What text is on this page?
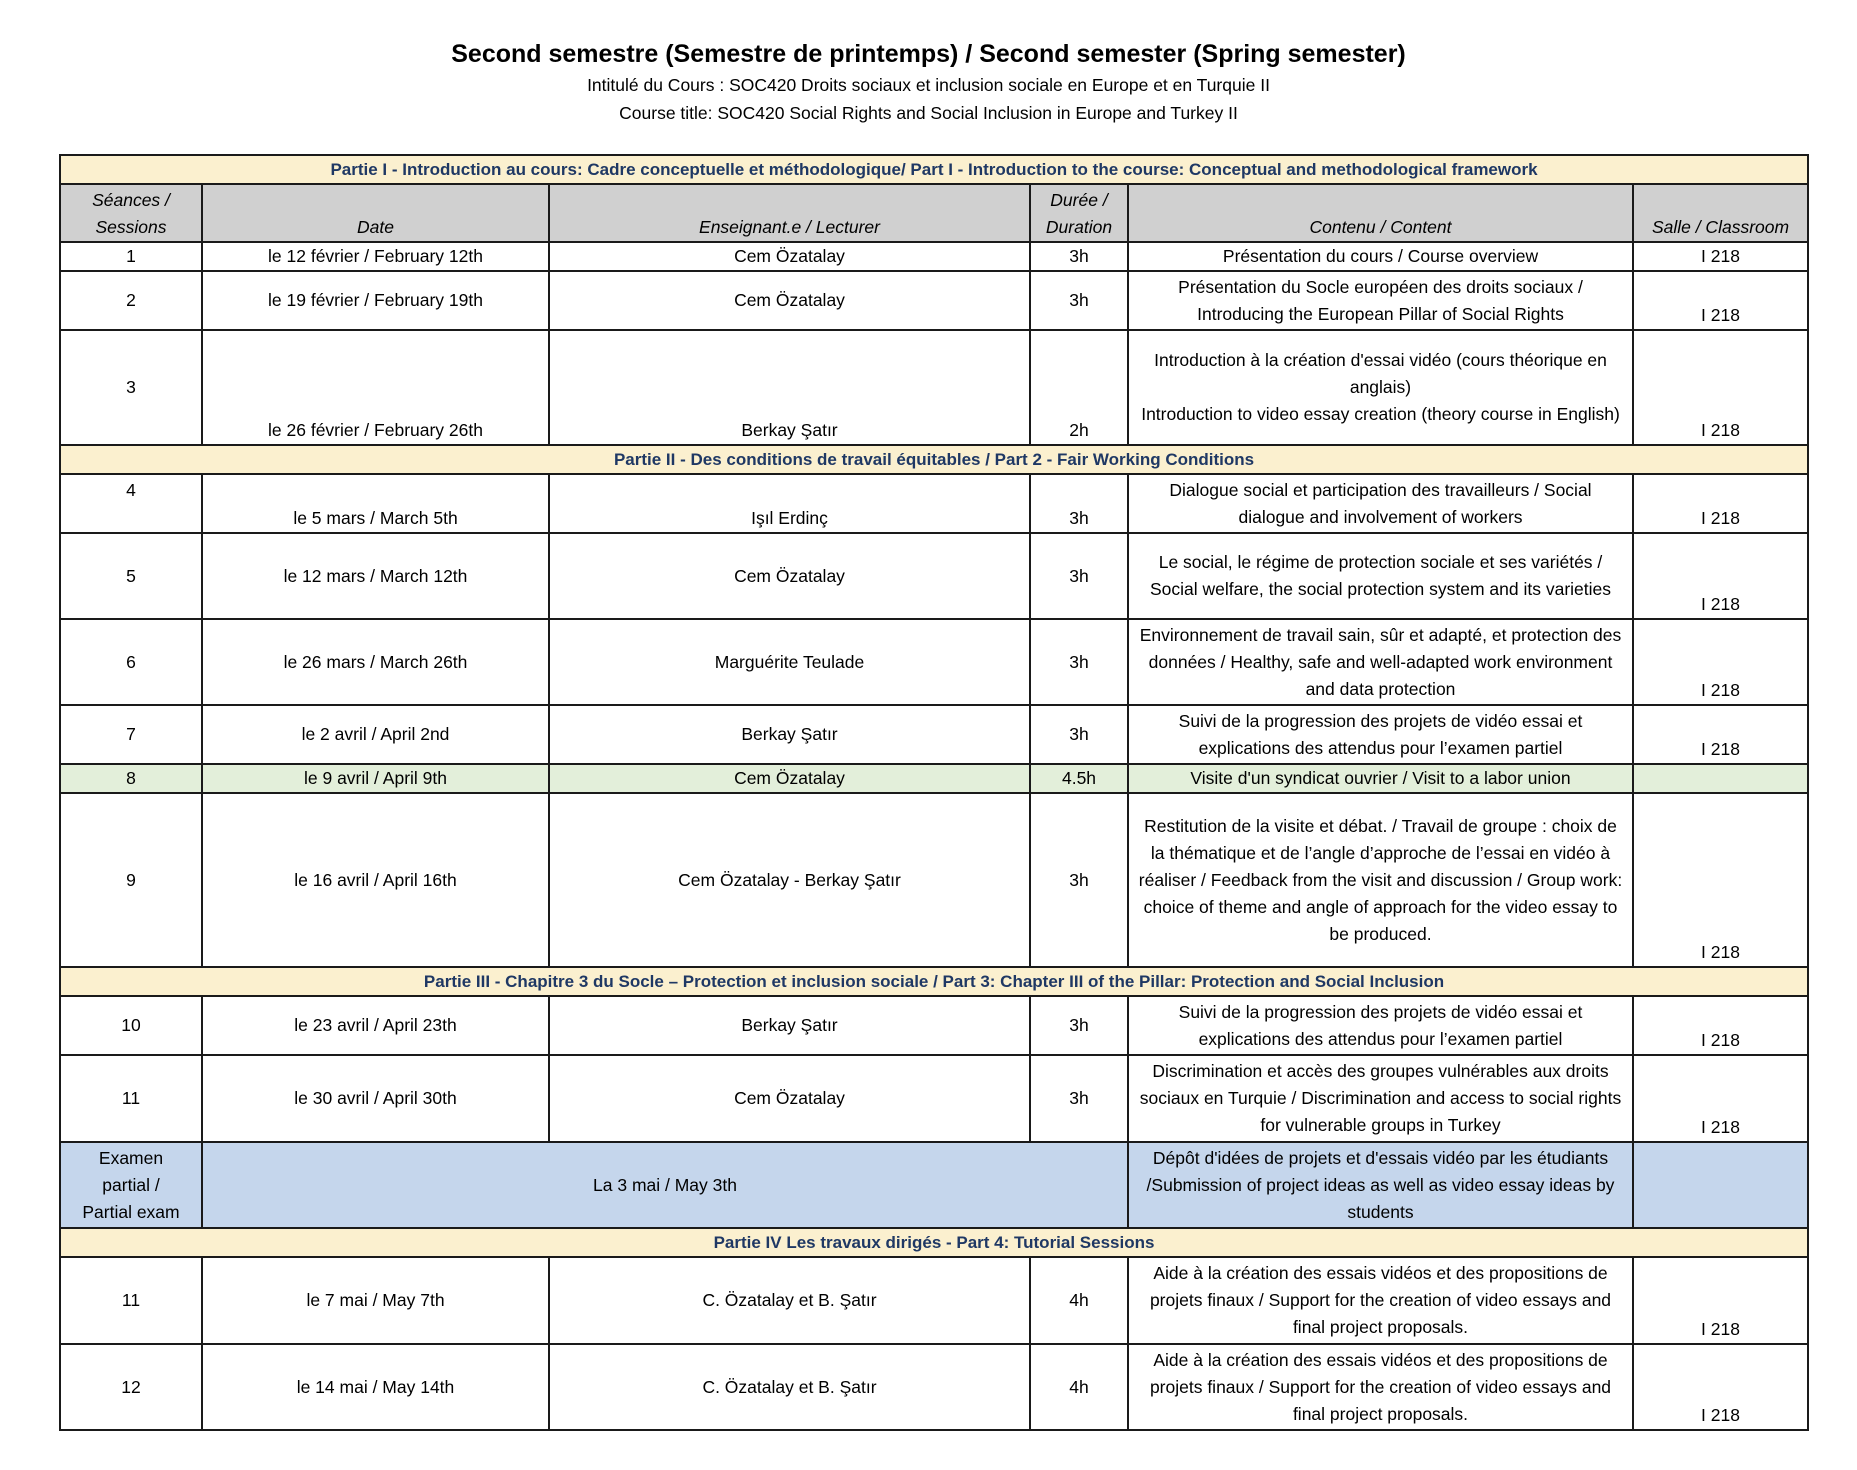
Second semestre (Semestre de printemps) / Second semester (Spring semester)
Intitulé du Cours : SOC420 Droits sociaux et inclusion sociale en Europe et en Turquie II
Course title: SOC420 Social Rights and Social Inclusion in Europe and Turkey II
Partie I - Introduction au cours: Cadre conceptuelle et méthodologique/ Part I - Introduction to the course: Conceptual and methodological framework					
Séances /
Sessions	Date	Enseignant.e / Lecturer	Durée /
Duration	Contenu / Content	Salle / Classroom
1	le 12 février / February 12th	Cem Özatalay	3h	Présentation du cours / Course overview	I 218
2	le 19 février / February 19th	Cem Özatalay	3h	Présentation du Socle européen des droits sociaux / Introducing the European Pillar of Social Rights	I 218
3	le 26 février / February 26th	Berkay Şatır	2h	Introduction à la création d'essai vidéo (cours théorique en anglais)
Introduction to video essay creation (theory course in English)	I 218
Partie II - Des conditions de travail équitables / Part 2 - Fair Working Conditions					
4	le 5 mars / March 5th	Işıl Erdinç	3h	Dialogue social et participation des travailleurs / Social dialogue and involvement of workers	I 218
5	le 12 mars / March 12th	Cem Özatalay	3h	Le social, le régime de protection sociale et ses variétés / Social welfare, the social protection system and its varieties	I 218
6	le 26 mars / March 26th	Marguérite Teulade	3h	Environnement de travail sain, sûr et adapté, et protection des données / Healthy, safe and well-adapted work environment and data protection	I 218
7	le 2 avril / April 2nd	Berkay Şatır	3h	Suivi de la progression des projets de vidéo essai et explications des attendus pour l’examen partiel	I 218
8	le 9 avril / April 9th	Cem Özatalay	4.5h	Visite d'un syndicat ouvrier / Visit to a labor union	
9	le 16 avril / April 16th	Cem Özatalay - Berkay Şatır	3h	Restitution de la visite et débat. / Travail de groupe : choix de la thématique et de l’angle d’approche de l’essai en vidéo à réaliser / Feedback from the visit and discussion / Group work: choice of theme and angle of approach for the video essay to be produced.	I 218
Partie III - Chapitre 3 du Socle – Protection et inclusion sociale / Part 3: Chapter III of the Pillar: Protection and Social Inclusion					
10	le 23 avril / April 23th	Berkay Şatır	3h	Suivi de la progression des projets de vidéo essai et explications des attendus pour l’examen partiel	I 218
11	le 30 avril / April 30th	Cem Özatalay	3h	Discrimination et accès des groupes vulnérables aux droits sociaux en Turquie / Discrimination and access to social rights for vulnerable groups in Turkey	I 218
Examen
partial /
Partial exam	La 3 mai / May 3th			Dépôt d'idées de projets et d'essais vidéo par les étudiants /Submission of project ideas as well as video essay ideas by students	
Partie IV Les travaux dirigés - Part 4: Tutorial Sessions					
11	le 7 mai / May 7th	C. Özatalay et B. Şatır	4h	Aide à la création des essais vidéos et des propositions de projets finaux / Support for the creation of video essays and final project proposals.	I 218
12	le 14 mai / May 14th	C. Özatalay et B. Şatır	4h	Aide à la création des essais vidéos et des propositions de projets finaux / Support for the creation of video essays and final project proposals.	I 218
